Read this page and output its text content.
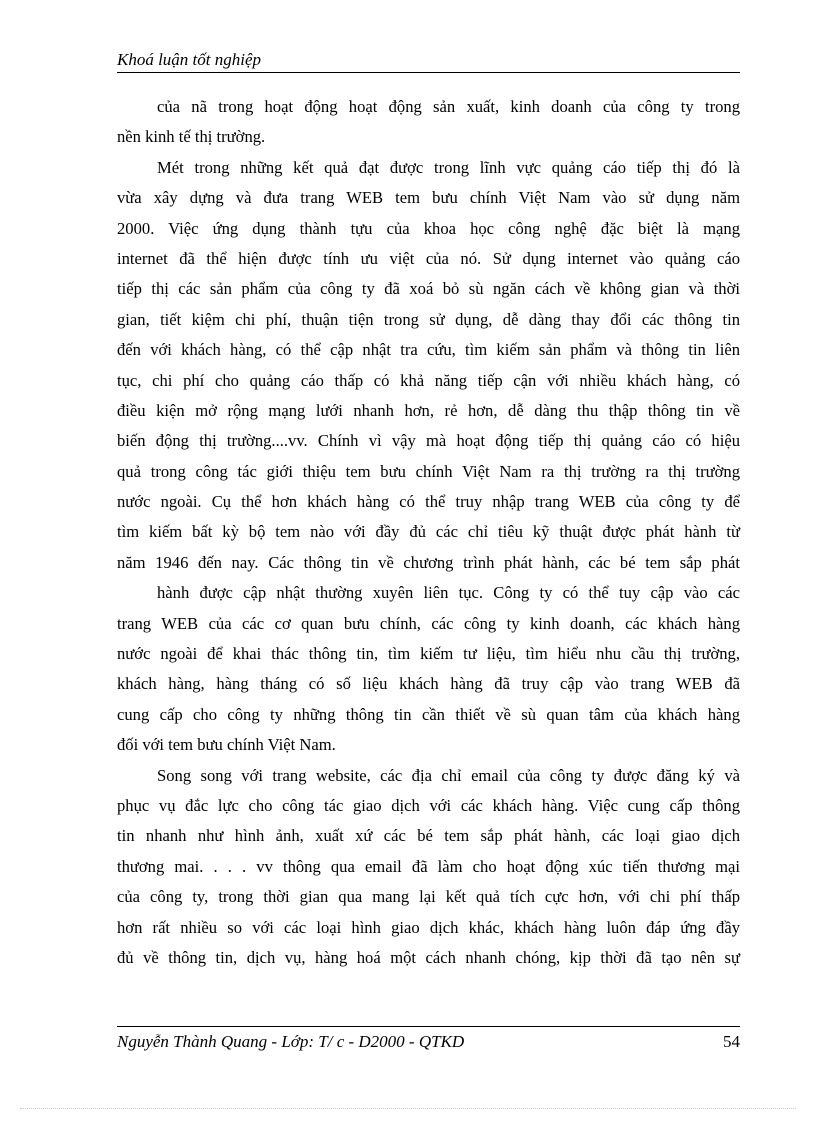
Khoá luận tốt nghiệp
của nã trong hoạt động hoạt động sản xuất, kinh doanh của công ty trong
nền kinh tế thị trường.
Mét trong những kết quả đạt được trong lĩnh vực quảng cáo tiếp thị đó là
vừa xây dựng và đưa trang WEB tem bưu chính Việt Nam vào sử dụng năm
2000. Việc ứng dụng thành tựu của khoa học công nghệ đặc biệt là mạng
internet đã thể hiện được tính ưu việt của nó. Sử dụng internet vào quảng cáo
tiếp thị các sản phẩm của công ty đã xoá bỏ sù ngăn cách về không gian và thời
gian, tiết kiệm chi phí, thuận tiện trong sử dụng, dễ dàng thay đổi các thông tin
đến với khách hàng, có thể cập nhật tra cứu, tìm kiếm sản phẩm và thông tin liên
tục, chi phí cho quảng cáo thấp có khả năng tiếp cận với nhiều khách hàng, có
điều kiện mở rộng mạng lưới nhanh hơn, rẻ hơn, dễ dàng thu thập thông tin về
biến động thị trường....vv. Chính vì vậy mà hoạt động tiếp thị quảng cáo có hiệu
quả trong công tác giới thiệu tem bưu chính Việt Nam ra thị trường ra thị trường
nước ngoài. Cụ thể hơn khách hàng có thể truy nhập trang WEB của công ty để
tìm kiếm bất kỳ bộ tem nào với đầy đủ các chỉ tiêu kỹ thuật được phát hành từ
năm 1946 đến nay. Các thông tin về chương trình phát hành, các bé tem sắp phát
hành được cập nhật thường xuyên liên tục. Công ty có thể tuy cập vào các
trang WEB của các cơ quan bưu chính, các công ty kinh doanh, các khách hàng
nước ngoài để khai thác thông tin, tìm kiếm tư liệu, tìm hiểu nhu cầu thị trường,
khách hàng, hàng tháng có số liệu khách hàng đã truy cập vào trang WEB đã
cung cấp cho công ty những thông tin cần thiết về sù quan tâm của khách hàng
đối với tem bưu chính Việt Nam.
Song song với trang website, các địa chỉ email của công ty được đăng ký và
phục vụ đắc lực cho công tác giao dịch với các khách hàng. Việc cung cấp thông
tin nhanh như hình ảnh, xuất xứ các bé tem sắp phát hành, các loại giao dịch
thương mai. . . . vv thông qua email đã làm cho hoạt động xúc tiến thương mại
của công ty, trong thời gian qua mang lại kết quả tích cực hơn, với chi phí thấp
hơn rất nhiều so với các loại hình giao dịch khác, khách hàng luôn đáp ứng đầy
đủ về thông tin, dịch vụ, hàng hoá một cách nhanh chóng, kịp thời đã tạo nên sự
Nguyễn Thành Quang - Lớp: T/ c - D2000 - QTKD	54
